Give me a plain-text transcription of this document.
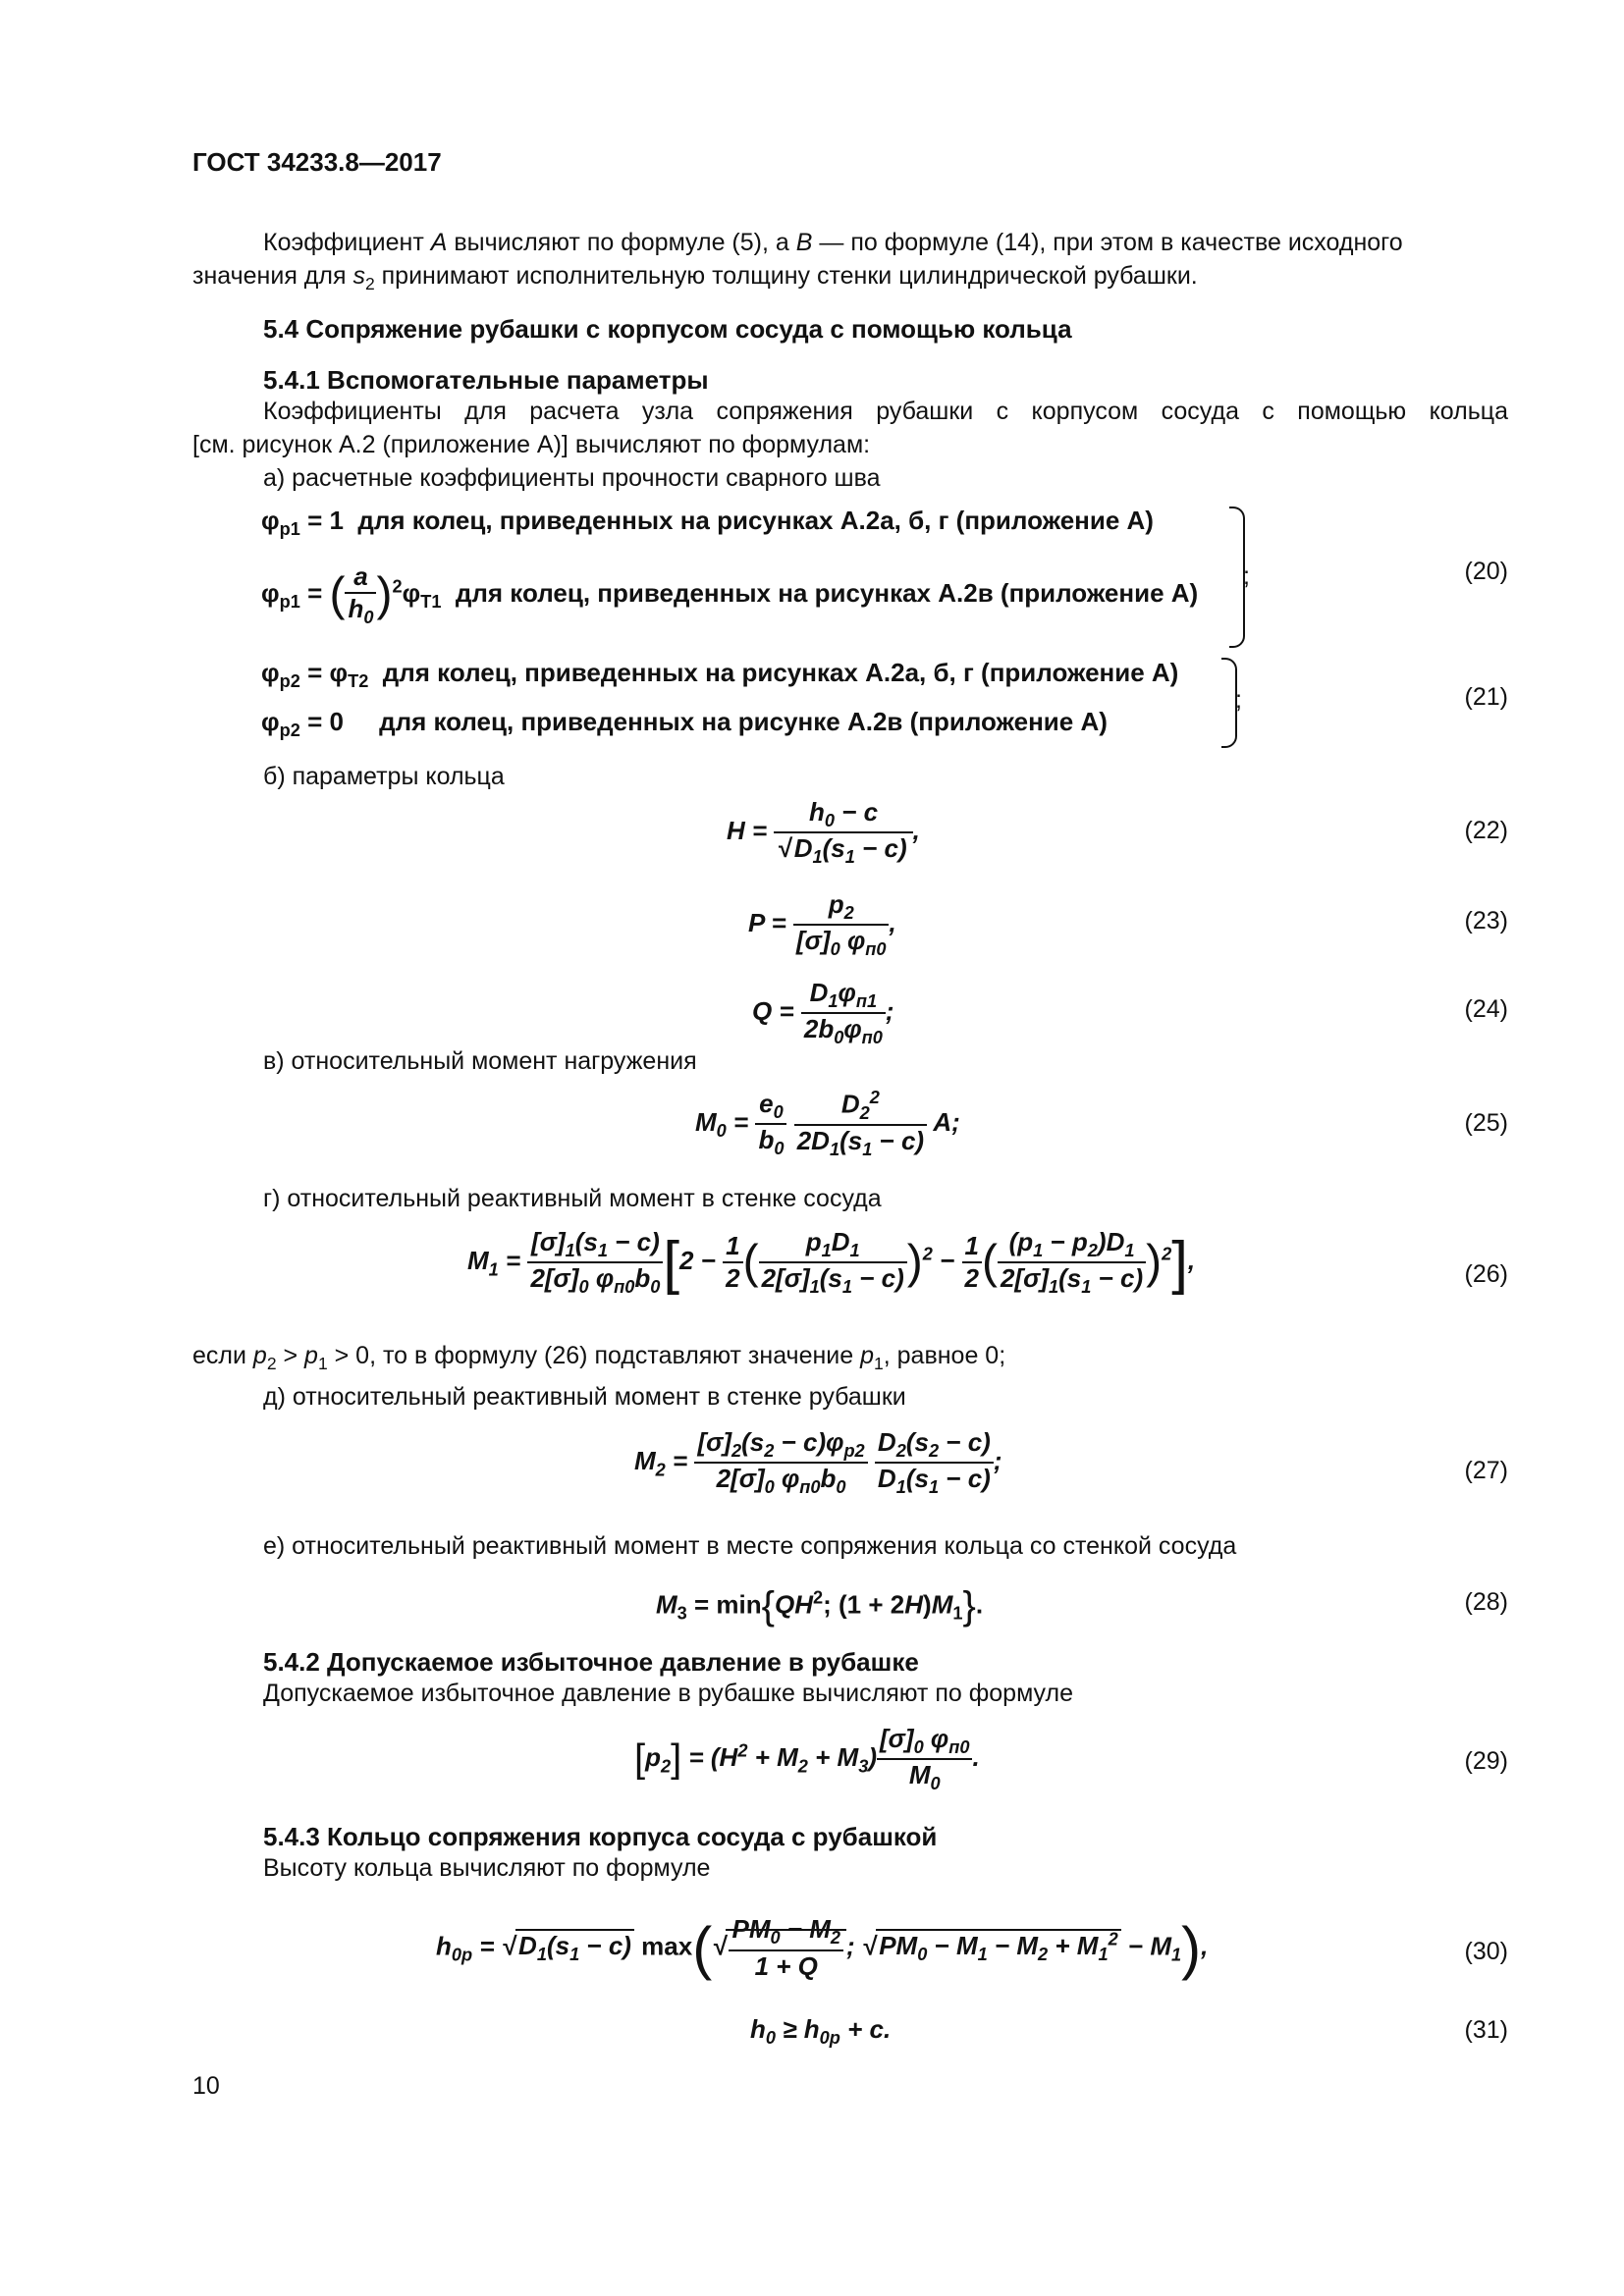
ГОСТ 34233.8—2017
Коэффициент A вычисляют по формуле (5), а B — по формуле (14), при этом в качестве исходного
значения для $s_2$ принимают исполнительную толщину стенки цилиндрической рубашки.
5.4 Сопряжение рубашки с корпусом сосуда с помощью кольца
5.4.1 Вспомогательные параметры
Коэффициенты для расчета узла сопряжения рубашки с корпусом сосуда с помощью кольца
[см. рисунок А.2 (приложение А)] вычисляют по формулам:
а) расчетные коэффициенты прочности сварного шва
$\varphi_{р1} = 1$  для колец, приведенных на рисунках А.2а, б, г (приложение А)
$\varphi_{р1}$ = ( $\frac{a}{h_0} )^2\varphi_{Т1}$ для колец, приведенных на рисунках А.2в (приложение А)
;	(20)
$\varphi_{р2} = \varphi_{Т2}$ для колец, приведенных на рисунках А.2а, б, г (приложение А)
$\varphi_{р2} = 0$     для колец, приведенных на рисунке А.2в (приложение А)
;	(21)
б) параметры кольца
$H = \frac{h_0 - c}{√ D_1(s_1 - c)}$ ,	(22)
$P = \frac{p_2}{[\sigma]_0 \varphi_{п0}}$ ,	(23)
$Q = \frac{D_1\varphi_{п1}}{2b_0\varphi_{п0}}$ ;	(24)
в) относительный момент нагружения
$M_0 = \frac{e_0}{b_0}$
$\frac{D_2^2}{2D_1(s_1 - c)} A$;	(25)
г) относительный реактивный момент в стенке сосуда
$M_1 = \frac{[\sigma]_1(s_1 - c)}{2[\sigma]_0 \varphi_{п0}b_0} [2 - \frac{1}{2}$ ( $\frac{p_1D_1}{2[\sigma]_1(s_1 - c)} )^2 - \frac{1}{2}$ ( $\frac{(p_1 - p_2)D_1}{2[\sigma]_1(s_1 - c)} )^2$],	(26)
если $p_2 > p_1 > 0$, то в формулу (26) подставляют значение $p_1$, равное 0;
д) относительный реактивный момент в стенке рубашки
$M_2 = \frac{[\sigma]_2(s_2 - c)\varphi_{р2}}{2[\sigma]_0 \varphi_{п0}b_0}$
$\frac{D_2(s_2 - c)}{D_1(s_1 - c)}$ ;	(27)
е) относительный реактивный момент в месте сопряжения кольца со стенкой сосуда
$M_3 = \min\{QH^2$; $(1 + 2H)M_1$}.	(28)
5.4.2 Допускаемое избыточное давление в рубашке
Допускаемое избыточное давление в рубашке вычисляют по формуле
$[p_2] = (H^2 + M_2 + M_3) \frac{[\sigma]_0 \varphi_{п0}}{M_0}$ .	(29)
5.4.3 Кольцо сопряжения корпуса сосуда с рубашкой
Высоту кольца вычисляют по формуле
$h_{0р}$ = √ $D_1(s_1 - c)$ $\max(√ \frac{PM_0 - M_2}{1 + Q}$ ; √ $PM_0 - M_1 - M_2 + M_1^2 - M_1$),	(30)
$h_0 \ge h_{0р} + c$.	(31)
10
